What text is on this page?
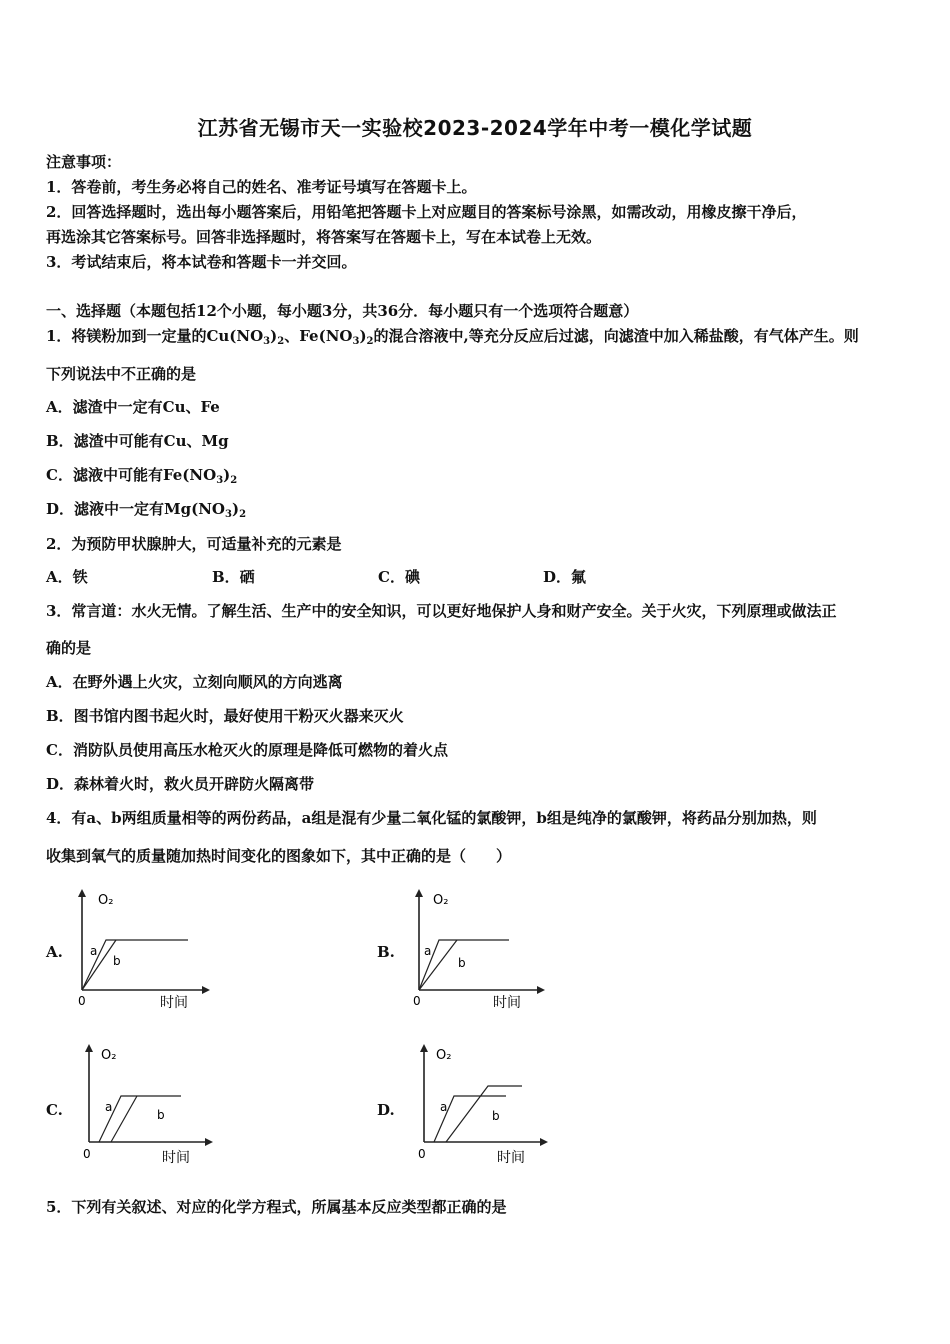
江苏省无锡市天一实验校2023-2024学年中考一模化学试题
注意事项：
1．答卷前，考生务必将自己的姓名、准考证号填写在答题卡上。
2．回答选择题时，选出每小题答案后，用铅笔把答题卡上对应题目的答案标号涂黑，如需改动，用橡皮擦干净后，
再选涂其它答案标号。回答非选择题时，将答案写在答题卡上，写在本试卷上无效。
3．考试结束后，将本试卷和答题卡一并交回。
一、选择题（本题包括12个小题，每小题3分，共36分．每小题只有一个选项符合题意）
1．将镁粉加到一定量的$Cu(NO_3)_2$、$Fe(NO_3)_2$的混合溶液中,等充分反应后过滤，向滤渣中加入稀盐酸，有气体产生。则
下列说法中不正确的是
A．滤渣中一定有Cu、Fe
B．滤渣中可能有Cu、Mg
C．滤液中可能有$Fe(NO_3)_2$
D．滤液中一定有$Mg(NO_3)_2$
2．为预防甲状腺肿大，可适量补充的元素是
A．铁	B．硒	C．碘	D．氟
3．常言道：水火无情。了解生活、生产中的安全知识，可以更好地保护人身和财产安全。关于火灾，下列原理或做法正
确的是
A．在野外遇上火灾，立刻向顺风的方向逃离
B．图书馆内图书起火时，最好使用干粉灭火器来灭火
C．消防队员使用高压水枪灭火的原理是降低可燃物的着火点
D．森林着火时，救火员开辟防火隔离带
4．有a、b两组质量相等的两份药品，a组是混有少量二氧化锰的氯酸钾，b组是纯净的氯酸钾，将药品分别加热，则
收集到氧气的质量随加热时间变化的图象如下，其中正确的是（　　）
A.
O₂
0	时间
a
b	B.
O₂
0	时间
a
b
C.
O₂
0	时间
a
b	D.
O₂
0	时间
a
b
5．下列有关叙述、对应的化学方程式，所属基本反应类型都正确的是
